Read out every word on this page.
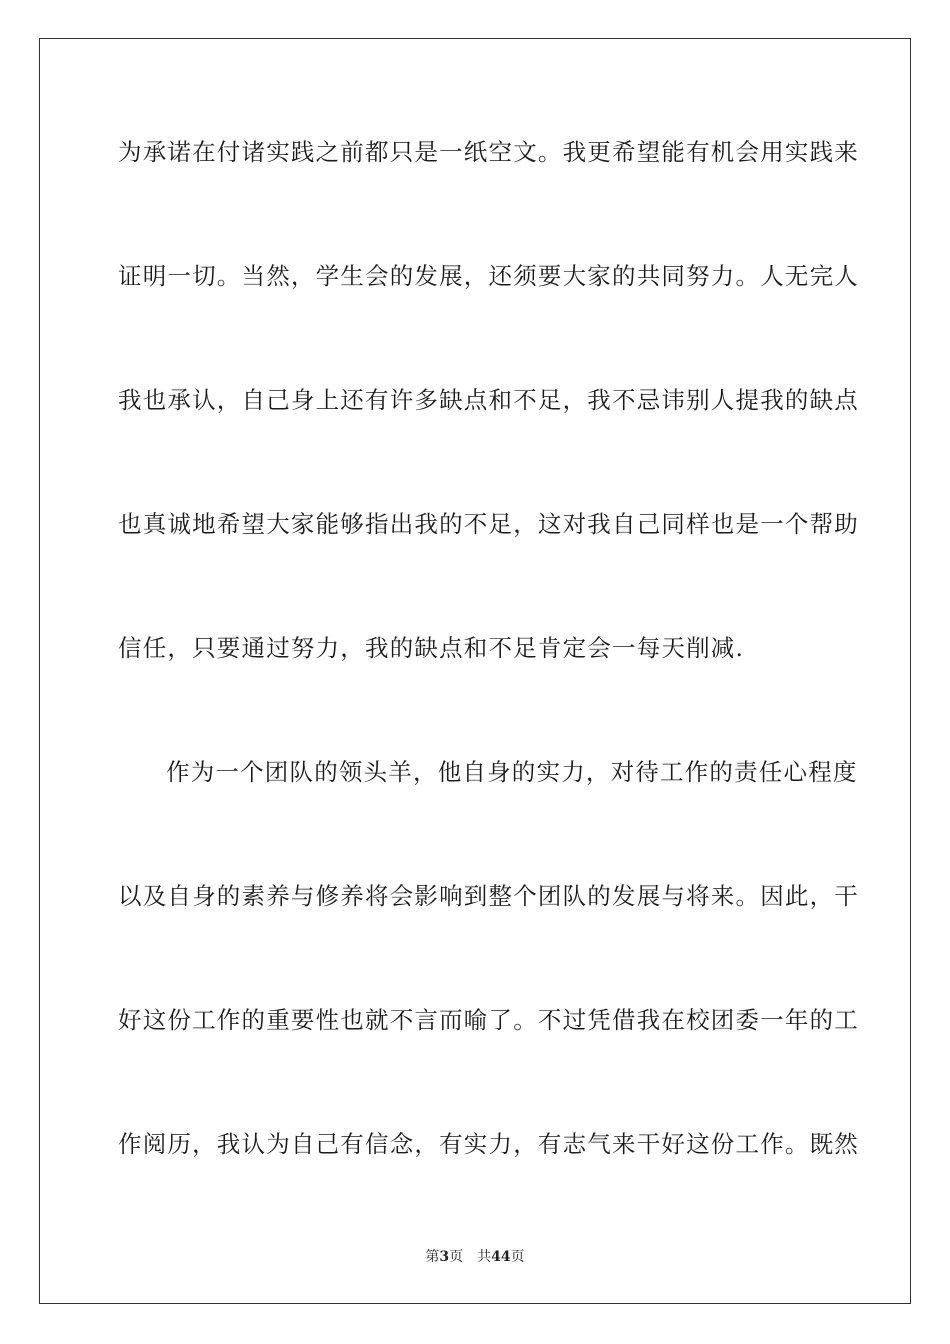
为承诺在付诸实践之前都只是一纸空文。我更希望能有机会用实践来
证明一切。当然，学生会的发展，还须要大家的共同努力。人无完人
我也承认，自己身上还有许多缺点和不足，我不忌讳别人提我的缺点
也真诚地希望大家能够指出我的不足，这对我自己同样也是一个帮助
信任，只要通过努力，我的缺点和不足肯定会一每天削减.
作为一个团队的领头羊，他自身的实力，对待工作的责任心程度
以及自身的素养与修养将会影响到整个团队的发展与将来。因此，干
好这份工作的重要性也就不言而喻了。不过凭借我在校团委一年的工
作阅历，我认为自己有信念，有实力，有志气来干好这份工作。既然
第3页 共44页
